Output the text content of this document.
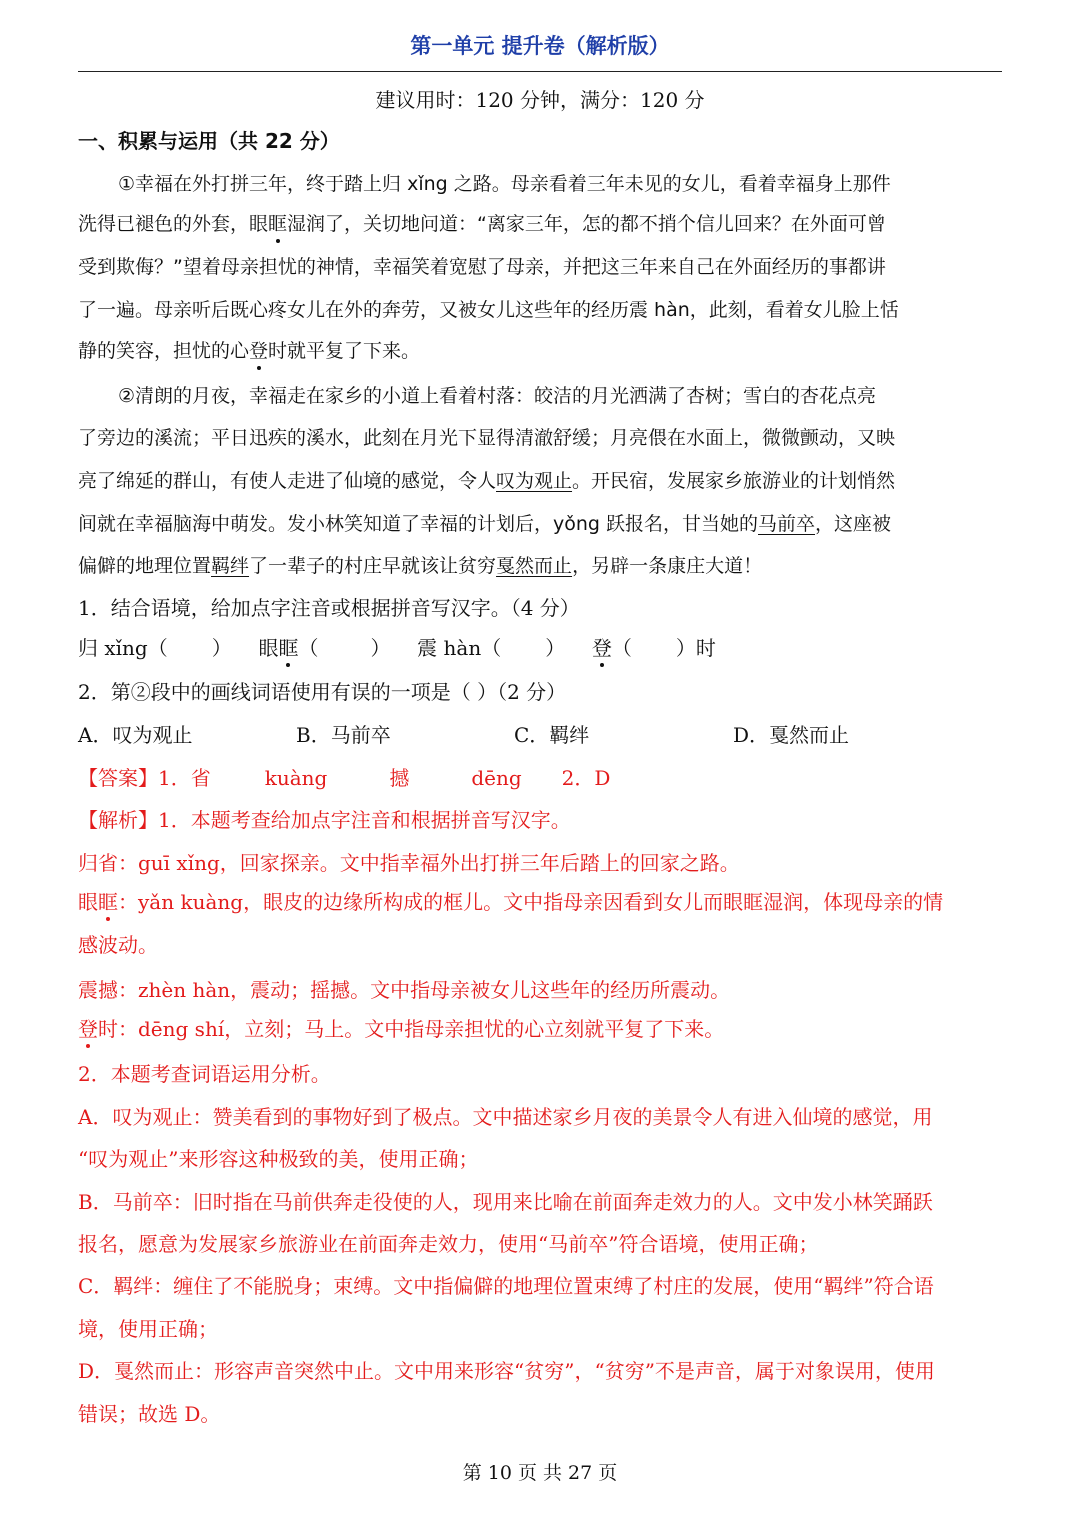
第一单元 提升卷（解析版）
建议用时：120 分钟，满分：120 分
一、积累与运用（共 22 分）
①幸福在外打拼三年，终于踏上归 xǐng 之路。母亲看着三年未见的女儿，看着幸福身上那件
洗得已褪色的外套，眼眶湿润了，关切地问道：“离家三年，怎的都不捎个信儿回来？在外面可曾
受到欺侮？”望着母亲担忧的神情，幸福笑着宽慰了母亲，并把这三年来自己在外面经历的事都讲
了一遍。母亲听后既心疼女儿在外的奔劳，又被女儿这些年的经历震 hàn，此刻，看着女儿脸上恬
静的笑容，担忧的心登时就平复了下来。
②清朗的月夜，幸福走在家乡的小道上看着村落：皎洁的月光洒满了杏树；雪白的杏花点亮
了旁边的溪流；平日迅疾的溪水，此刻在月光下显得清澈舒缓；月亮偎在水面上，微微颤动，又映
亮了绵延的群山，有使人走进了仙境的感觉，令人叹为观止。开民宿，发展家乡旅游业的计划悄然
间就在幸福脑海中萌发。发小林笑知道了幸福的计划后，yǒng 跃报名，甘当她的马前卒，这座被
偏僻的地理位置羁绊了一辈子的村庄早就该让贫穷戛然而止，另辟一条康庄大道！
1．结合语境，给加点字注音或根据拼音写汉字。（4 分）
归 xǐng（ ） 眼眶（	） 震 hàn（ ） 登（ ）时
2．第②段中的画线词语使用有误的一项是（ ）（2 分）
A．叹为观止	B．马前卒	C．羁绊	D．戛然而止
【答案】1．省	kuàng	撼	dēng 2．D
【解析】1．本题考查给加点字注音和根据拼音写汉字。
归省：guī xǐng，回家探亲。文中指幸福外出打拼三年后踏上的回家之路。
眼眶：yǎn kuàng，眼皮的边缘所构成的框儿。文中指母亲因看到女儿而眼眶湿润，体现母亲的情
感波动。
震撼：zhèn hàn，震动；摇撼。文中指母亲被女儿这些年的经历所震动。
登时：dēng shí，立刻；马上。文中指母亲担忧的心立刻就平复了下来。
2．本题考查词语运用分析。
A．叹为观止：赞美看到的事物好到了极点。文中描述家乡月夜的美景令人有进入仙境的感觉，用
“叹为观止”来形容这种极致的美，使用正确；
B．马前卒：旧时指在马前供奔走役使的人，现用来比喻在前面奔走效力的人。文中发小林笑踊跃
报名，愿意为发展家乡旅游业在前面奔走效力，使用“马前卒”符合语境，使用正确；
C．羁绊：缠住了不能脱身；束缚。文中指偏僻的地理位置束缚了村庄的发展，使用“羁绊”符合语
境，使用正确；
D．戛然而止：形容声音突然中止。文中用来形容“贫穷”，“贫穷”不是声音，属于对象误用，使用
错误；故选 D。
第 10 页 共 27 页
